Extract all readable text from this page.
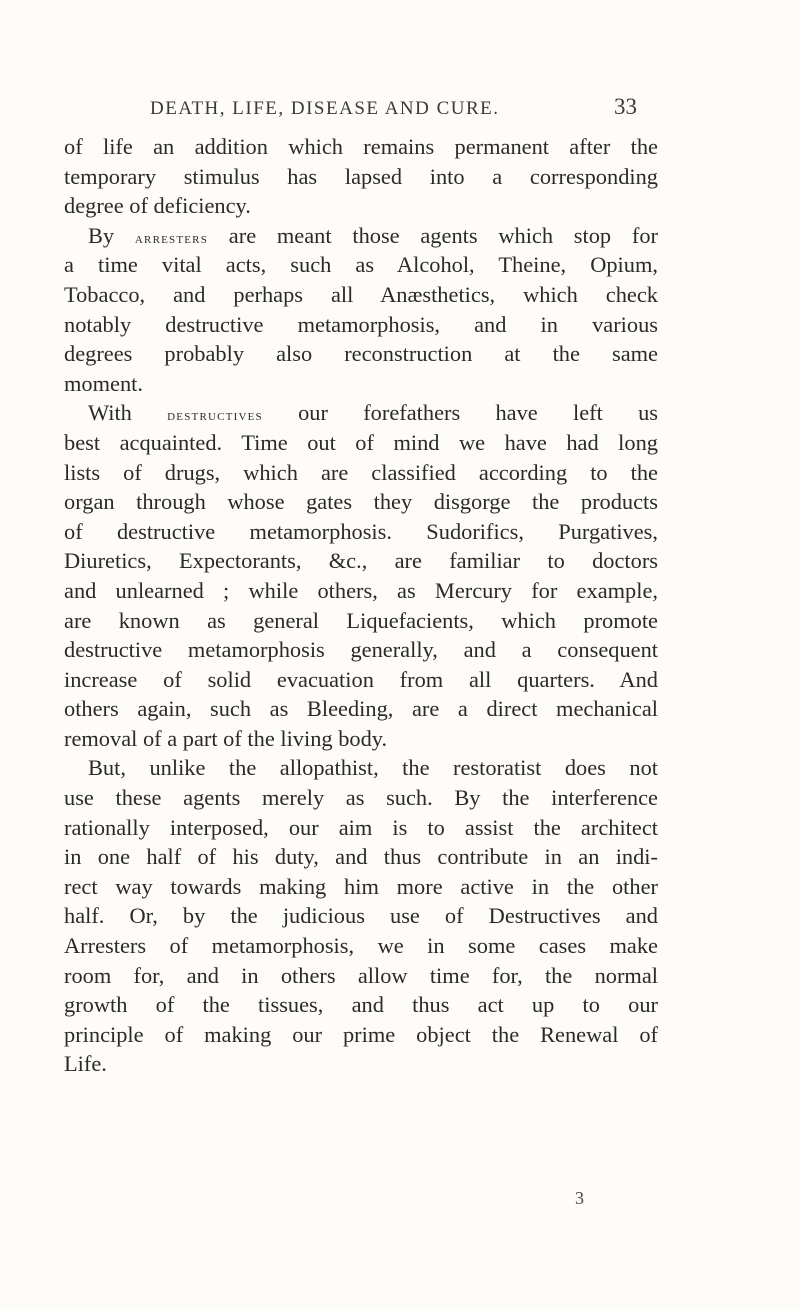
DEATH, LIFE, DISEASE AND CURE.	33
of life an addition which remains permanent after the
temporary stimulus has lapsed into a corresponding
degree of deficiency.
By arresters are meant those agents which stop for
a time vital acts, such as Alcohol, Theine, Opium,
Tobacco, and perhaps all Anæsthetics, which check
notably destructive metamorphosis, and in various
degrees probably also reconstruction at the same
moment.
With destructives our forefathers have left us
best acquainted. Time out of mind we have had long
lists of drugs, which are classified according to the
organ through whose gates they disgorge the products
of destructive metamorphosis. Sudorifics, Purgatives,
Diuretics, Expectorants, &c., are familiar to doctors
and unlearned ; while others, as Mercury for example,
are known as general Liquefacients, which promote
destructive metamorphosis generally, and a consequent
increase of solid evacuation from all quarters. And
others again, such as Bleeding, are a direct mechanical
removal of a part of the living body.
But, unlike the allopathist, the restoratist does not
use these agents merely as such. By the interference
rationally interposed, our aim is to assist the architect
in one half of his duty, and thus contribute in an indi-
rect way towards making him more active in the other
half. Or, by the judicious use of Destructives and
Arresters of metamorphosis, we in some cases make
room for, and in others allow time for, the normal
growth of the tissues, and thus act up to our
principle of making our prime object the Renewal of
Life.
3
